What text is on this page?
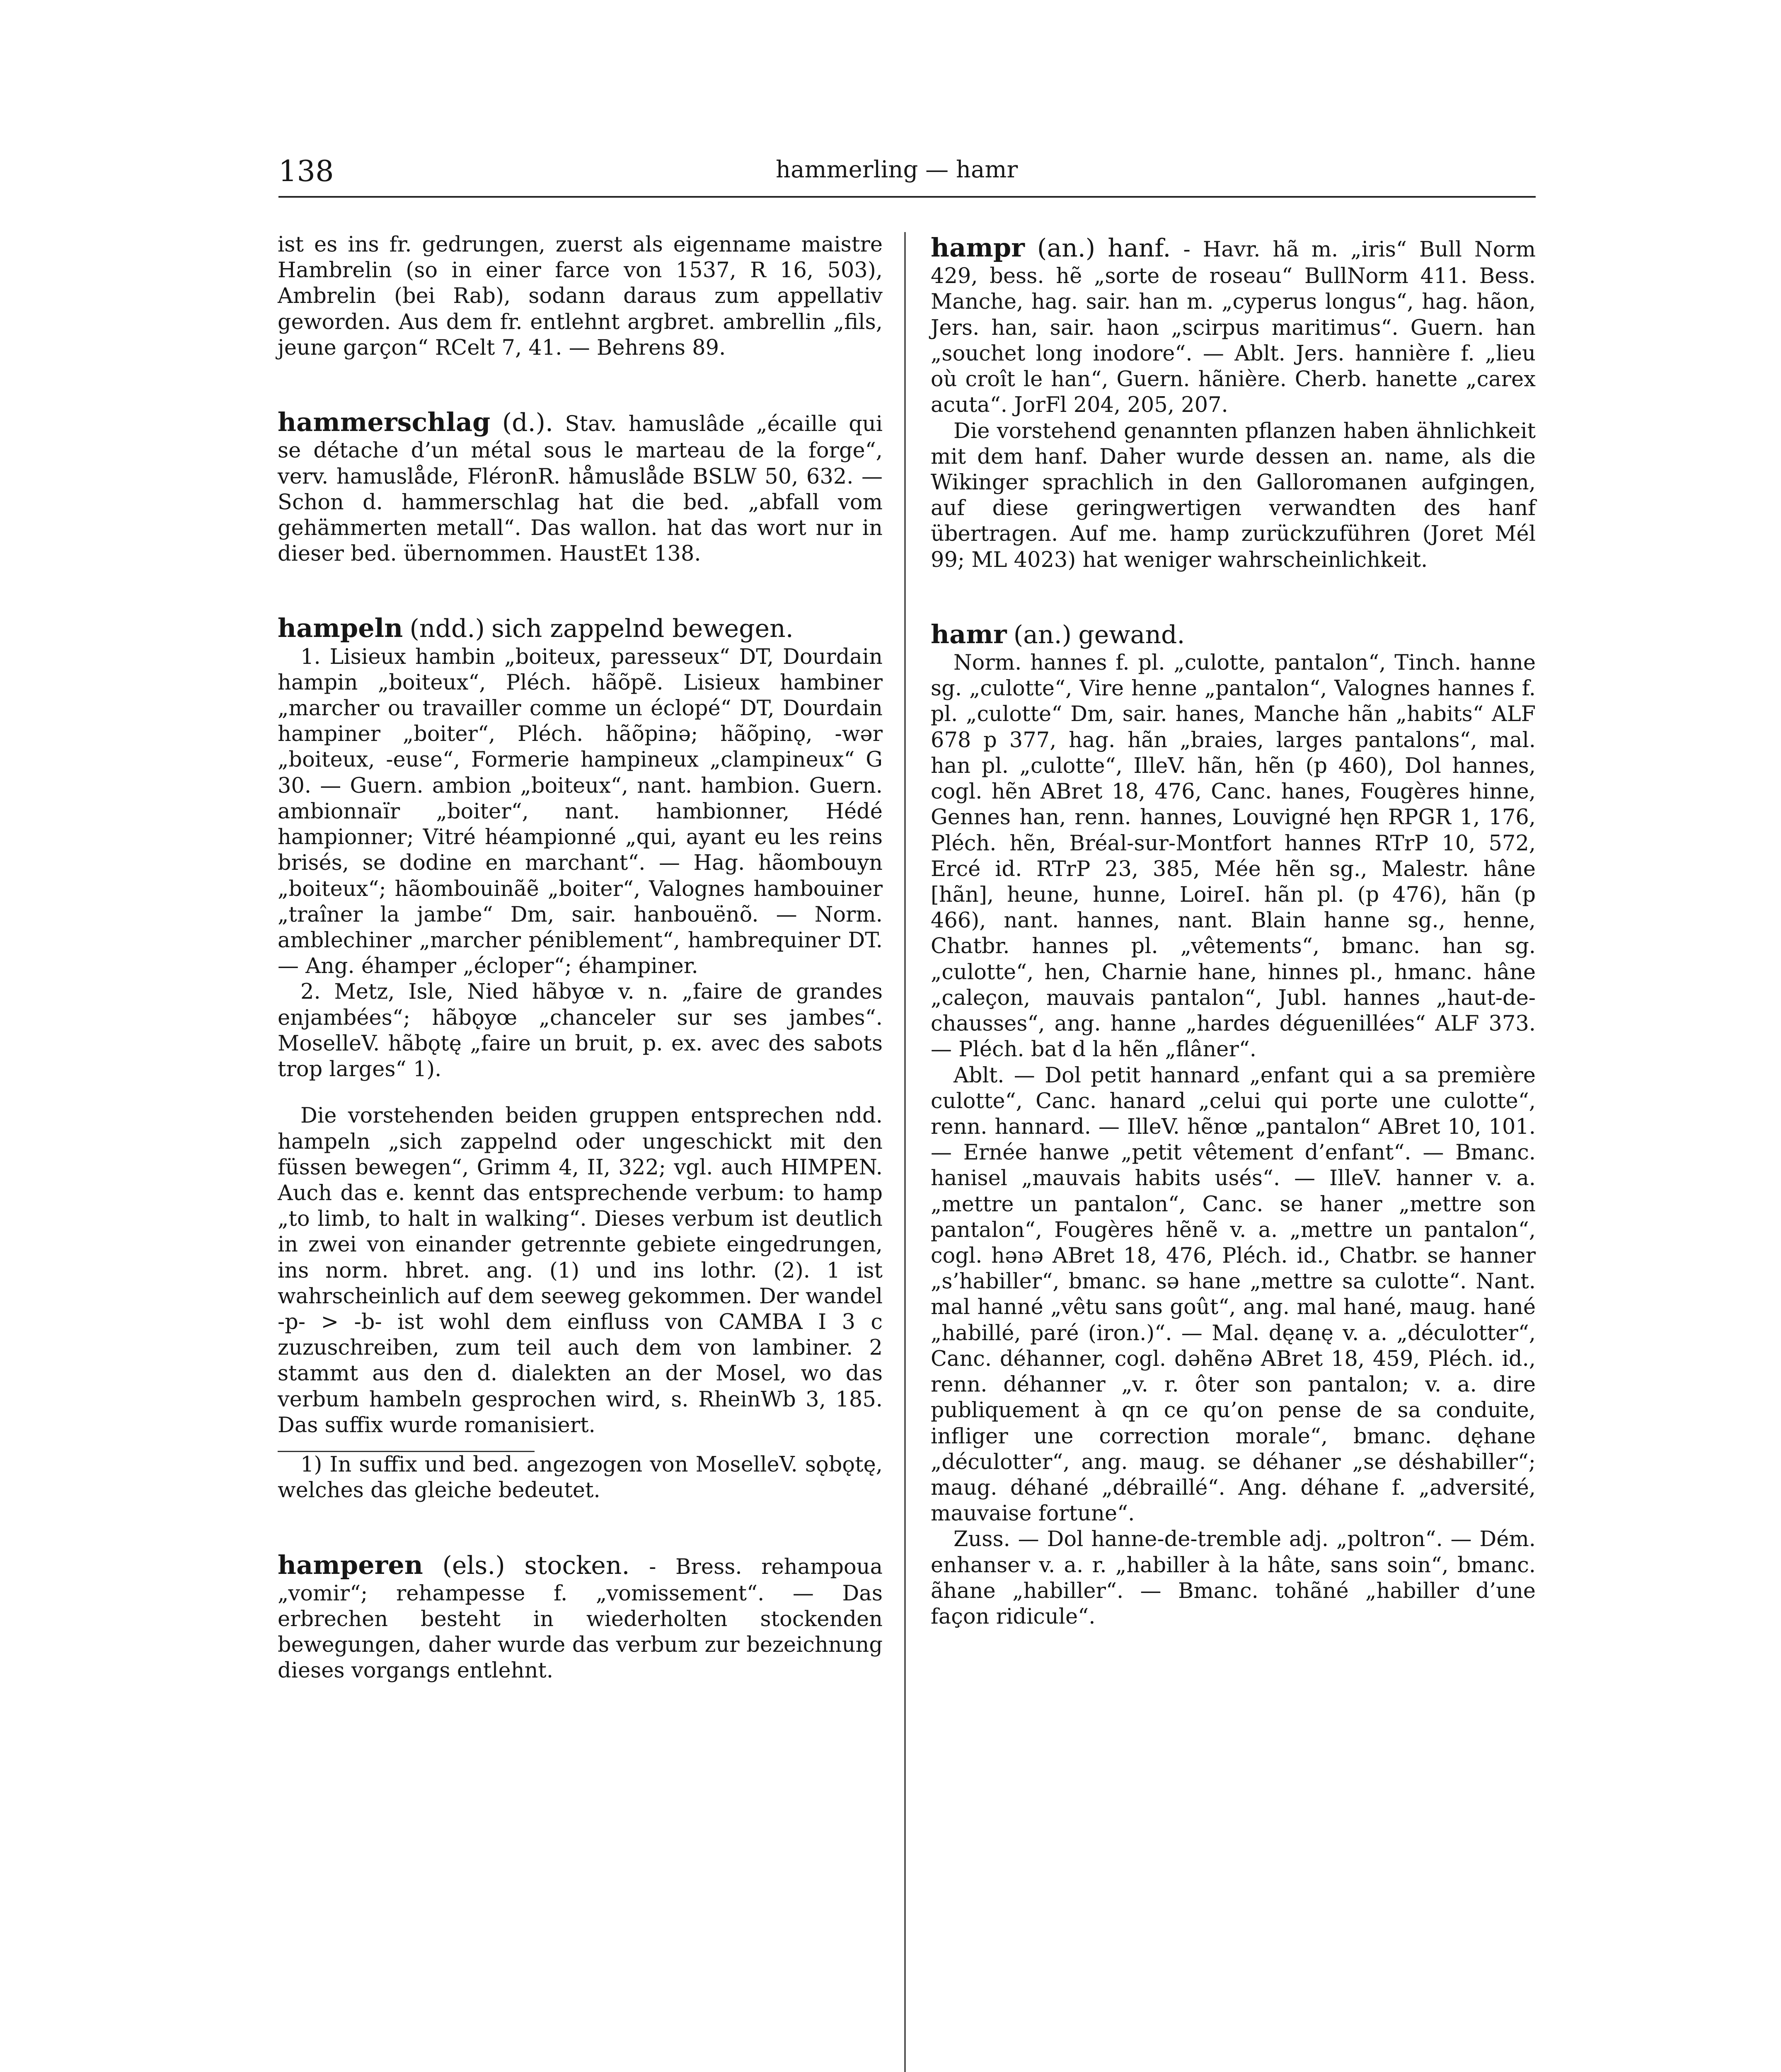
138	hammerling — hamr

ist es ins fr. gedrungen, zuerst als eigenname maistre Hambrelin (so in einer farce von 1537, R 16, 503), Ambrelin (bei Rab), sodann daraus zum appellativ geworden. Aus dem fr. entlehnt argbret. ambrellin „fils, jeune garçon“ RCelt 7, 41. — Behrens 89.

hammerschlag (d.). Stav. hamuslâde „écaille qui se détache d’un métal sous le marteau de la forge“, verv. hamuslåde, FléronR. håmuslåde BSLW 50, 632. — Schon d. hammerschlag hat die bed. „abfall vom gehämmerten metall“. Das wallon. hat das wort nur in dieser bed. übernommen. HaustEt 138.

hampeln (ndd.) sich zappelnd bewegen.

1. Lisieux hambin „boiteux, paresseux“ DT, Dourdain hampin „boiteux“, Pléch. hãõpẽ. Lisieux hambiner „marcher ou travailler comme un éclopé“ DT, Dourdain hampiner „boiter“, Pléch. hãõpinə; hãõpinǫ, -wər „boiteux, -euse“, Formerie hampineux „clampineux“ G 30. — Guern. ambion „boiteux“, nant. hambion. Guern. ambionnaïr „boiter“, nant. hambionner, Hédé hampionner; Vitré héampionné „qui, ayant eu les reins brisés, se dodine en marchant“. — Hag. hãombouyn „boiteux“; hãombouinãẽ „boiter“, Valognes hambouiner „traîner la jambe“ Dm, sair. hanbouënõ. — Norm. amblechiner „marcher péniblement“, hambrequiner DT. — Ang. éhamper „écloper“; éhampiner.

2. Metz, Isle, Nied hãbyœ v. n. „faire de grandes enjambées“; hãbǫyœ „chanceler sur ses jambes“. MoselleV. hãbǫtę „faire un bruit, p. ex. avec des sabots trop larges“ 1).

Die vorstehenden beiden gruppen entsprechen ndd. hampeln „sich zappelnd oder ungeschickt mit den füssen bewegen“, Grimm 4, II, 322; vgl. auch HIMPEN. Auch das e. kennt das entsprechende verbum: to hamp „to limb, to halt in walking“. Dieses verbum ist deutlich in zwei von einander getrennte gebiete eingedrungen, ins norm. hbret. ang. (1) und ins lothr. (2). 1 ist wahrscheinlich auf dem seeweg gekommen. Der wandel -p- > -b- ist wohl dem einfluss von CAMBA I 3 c zuzuschreiben, zum teil auch dem von lambiner. 2 stammt aus den d. dialekten an der Mosel, wo das verbum hambeln gesprochen wird, s. RheinWb 3, 185. Das suffix wurde romanisiert.

1) In suffix und bed. angezogen von MoselleV. sǫbǫtę, welches das gleiche bedeutet.

hamperen (els.) stocken. - Bress. rehampoua „vomir“; rehampesse f. „vomissement“. — Das erbrechen besteht in wiederholten stockenden bewegungen, daher wurde das verbum zur bezeichnung dieses vorgangs entlehnt.

hampr (an.) hanf. - Havr. hã m. „iris“ Bull Norm 429, bess. hẽ „sorte de roseau“ BullNorm 411. Bess. Manche, hag. sair. han m. „cyperus longus“, hag. hãon, Jers. han, sair. haon „scirpus maritimus“. Guern. han „souchet long inodore“. — Ablt. Jers. hannière f. „lieu où croît le han“, Guern. hãnière. Cherb. hanette „carex acuta“. JorFl 204, 205, 207.

Die vorstehend genannten pflanzen haben ähnlichkeit mit dem hanf. Daher wurde dessen an. name, als die Wikinger sprachlich in den Galloromanen aufgingen, auf diese geringwertigen verwandten des hanf übertragen. Auf me. hamp zurückzuführen (Joret Mél 99; ML 4023) hat weniger wahrscheinlichkeit.

hamr (an.) gewand.

Norm. hannes f. pl. „culotte, pantalon“, Tinch. hanne sg. „culotte“, Vire henne „pantalon“, Valognes hannes f. pl. „culotte“ Dm, sair. hanes, Manche hãn „habits“ ALF 678 p 377, hag. hãn „braies, larges pantalons“, mal. han pl. „culotte“, IlleV. hãn, hẽn (p 460), Dol hannes, cogl. hẽn ABret 18, 476, Canc. hanes, Fougères hinne, Gennes han, renn. hannes, Louvigné hęn RPGR 1, 176, Pléch. hẽn, Bréal-sur-Montfort hannes RTrP 10, 572, Ercé id. RTrP 23, 385, Mée hẽn sg., Malestr. hâne [hãn], heune, hunne, LoireI. hãn pl. (p 476), hãn (p 466), nant. hannes, nant. Blain hanne sg., henne, Chatbr. hannes pl. „vêtements“, bmanc. han sg. „culotte“, hen, Charnie hane, hinnes pl., hmanc. hâne „caleçon, mauvais pantalon“, Jubl. hannes „haut-de-chausses“, ang. hanne „hardes déguenillées“ ALF 373. — Pléch. bat d la hẽn „flâner“.

Ablt. — Dol petit hannard „enfant qui a sa première culotte“, Canc. hanard „celui qui porte une culotte“, renn. hannard. — IlleV. hẽnœ „pantalon“ ABret 10, 101. — Ernée hanwe „petit vêtement d’enfant“. — Bmanc. hanisel „mauvais habits usés“. — IlleV. hanner v. a. „mettre un pantalon“, Canc. se haner „mettre son pantalon“, Fougères hẽnẽ v. a. „mettre un pantalon“, cogl. hənə ABret 18, 476, Pléch. id., Chatbr. se hanner „s’habiller“, bmanc. sə hane „mettre sa culotte“. Nant. mal hanné „vêtu sans goût“, ang. mal hané, maug. hané „habillé, paré (iron.)“. — Mal. dęanę v. a. „déculotter“, Canc. déhanner, cogl. dəhẽnə ABret 18, 459, Pléch. id., renn. déhanner „v. r. ôter son pantalon; v. a. dire publiquement à qn ce qu’on pense de sa conduite, infliger une correction morale“, bmanc. dęhane „déculotter“, ang. maug. se déhaner „se déshabiller“; maug. déhané „débraillé“. Ang. déhane f. „adversité, mauvaise fortune“.

Zuss. — Dol hanne-de-tremble adj. „poltron“. — Dém. enhanser v. a. r. „habiller à la hâte, sans soin“, bmanc. ãhane „habiller“. — Bmanc. tohãné „habiller d’une façon ridicule“.
